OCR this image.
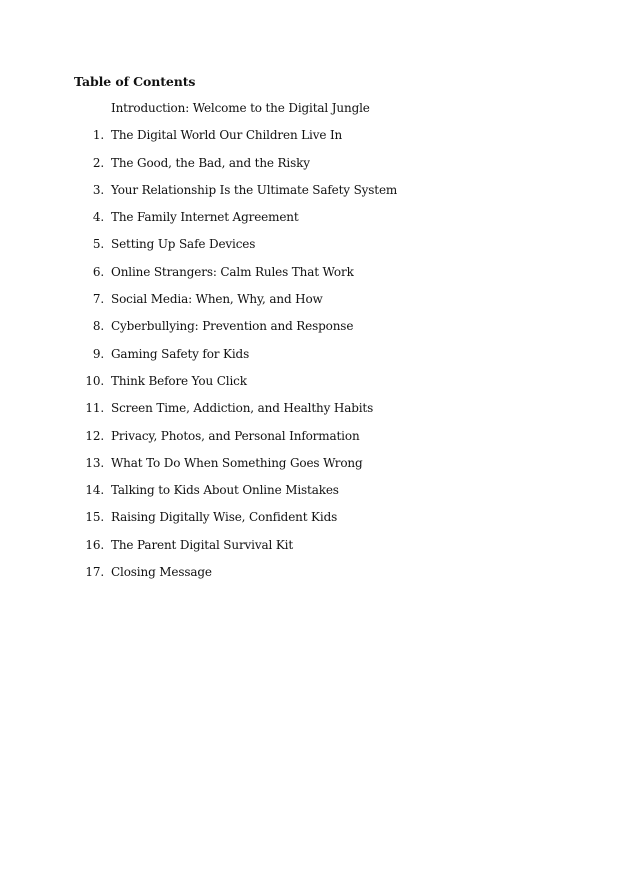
Table of Contents
Introduction: Welcome to the Digital Jungle
1. The Digital World Our Children Live In
2. The Good, the Bad, and the Risky
3. Your Relationship Is the Ultimate Safety System
4. The Family Internet Agreement
5. Setting Up Safe Devices
6. Online Strangers: Calm Rules That Work
7. Social Media: When, Why, and How
8. Cyberbullying: Prevention and Response
9. Gaming Safety for Kids
10. Think Before You Click
11. Screen Time, Addiction, and Healthy Habits
12. Privacy, Photos, and Personal Information
13. What To Do When Something Goes Wrong
14. Talking to Kids About Online Mistakes
15. Raising Digitally Wise, Confident Kids
16. The Parent Digital Survival Kit
17. Closing Message
